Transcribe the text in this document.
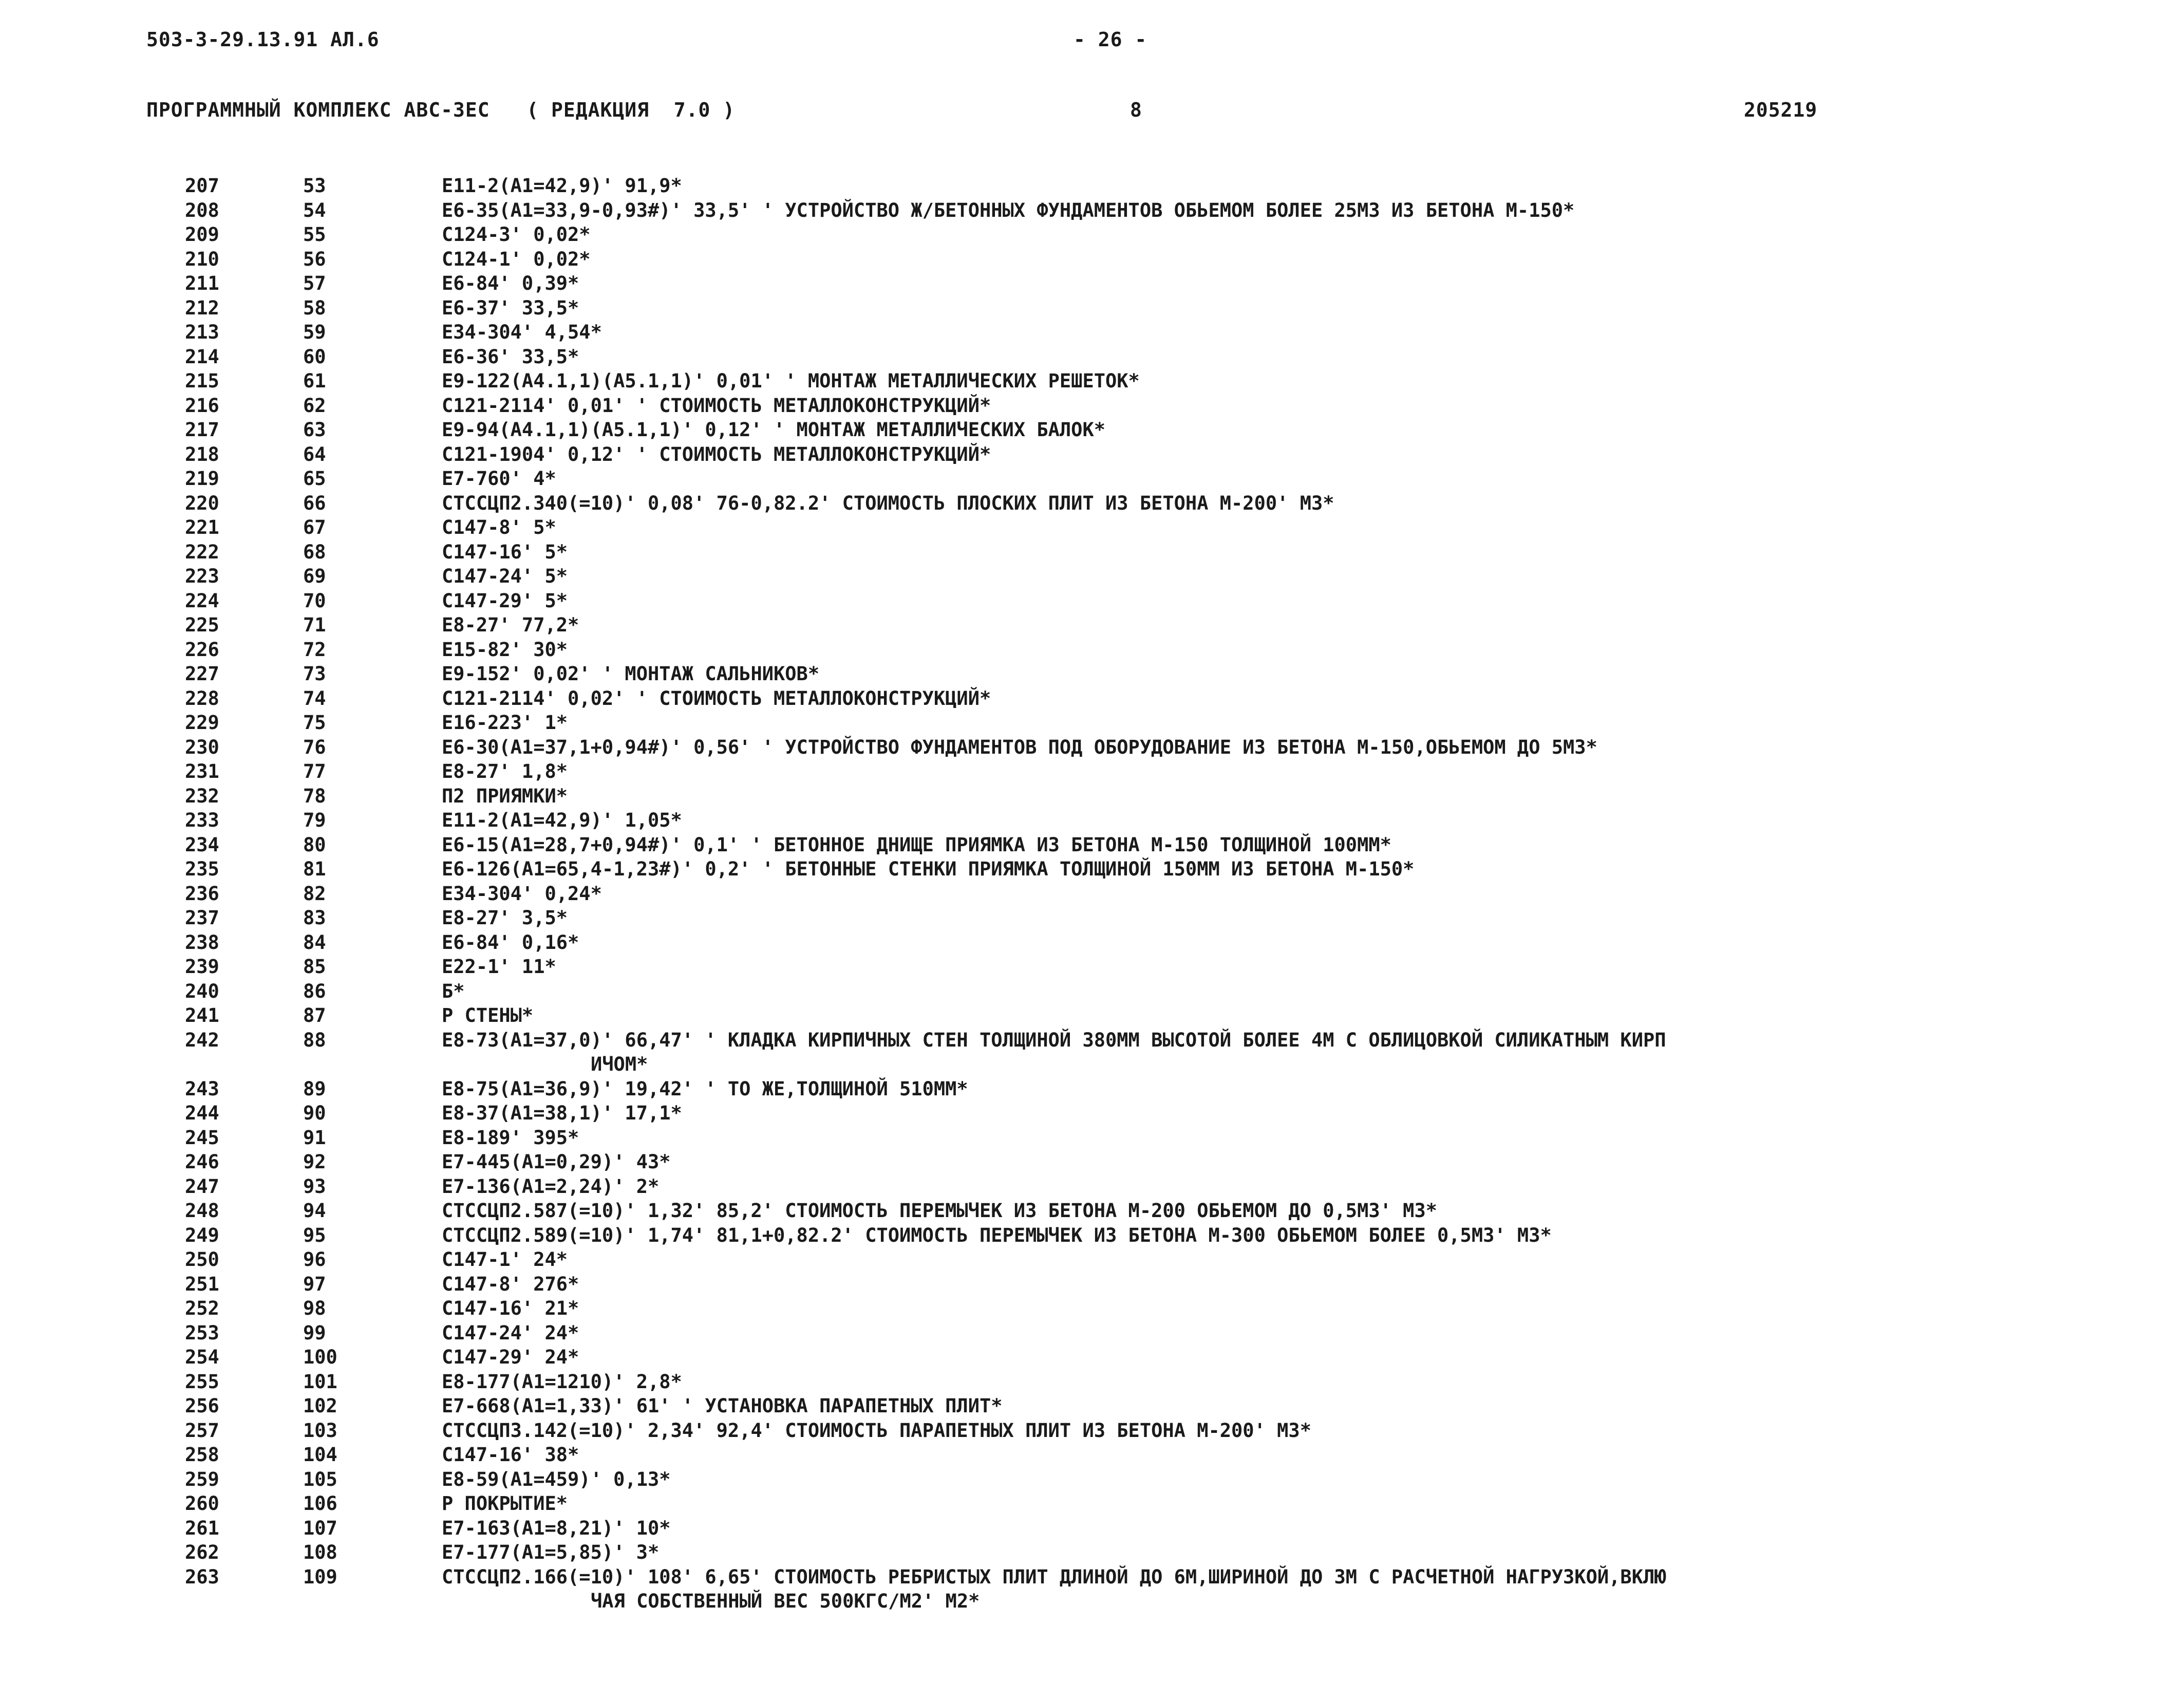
503-3-29.13.91 АЛ.6	- 26 -
ПРОГРАММНЫЙ КОМПЛЕКС АВС-3ЕС   ( РЕДАКЦИЯ  7.0 )	8	205219
207	53	Е11-2(А1=42,9)' 91,9*
208	54	Е6-35(А1=33,9-0,93#)' 33,5' ' УСТРОЙСТВО Ж/БЕТОННЫХ ФУНДАМЕНТОВ ОБЬЕМОМ БОЛЕЕ 25М3 ИЗ БЕТОНА М-150*
209	55	С124-3' 0,02*
210	56	С124-1' 0,02*
211	57	Е6-84' 0,39*
212	58	Е6-37' 33,5*
213	59	Е34-304' 4,54*
214	60	Е6-36' 33,5*
215	61	Е9-122(А4.1,1)(А5.1,1)' 0,01' ' МОНТАЖ МЕТАЛЛИЧЕСКИХ РЕШЕТОК*
216	62	С121-2114' 0,01' ' СТОИМОСТЬ МЕТАЛЛОКОНСТРУКЦИЙ*
217	63	Е9-94(А4.1,1)(А5.1,1)' 0,12' ' МОНТАЖ МЕТАЛЛИЧЕСКИХ БАЛОК*
218	64	С121-1904' 0,12' ' СТОИМОСТЬ МЕТАЛЛОКОНСТРУКЦИЙ*
219	65	Е7-760' 4*
220	66	СТССЦП2.340(=10)' 0,08' 76-0,82.2' СТОИМОСТЬ ПЛОСКИХ ПЛИТ ИЗ БЕТОНА М-200' М3*
221	67	С147-8' 5*
222	68	С147-16' 5*
223	69	С147-24' 5*
224	70	С147-29' 5*
225	71	Е8-27' 77,2*
226	72	Е15-82' 30*
227	73	Е9-152' 0,02' ' МОНТАЖ САЛЬНИКОВ*
228	74	С121-2114' 0,02' ' СТОИМОСТЬ МЕТАЛЛОКОНСТРУКЦИЙ*
229	75	Е16-223' 1*
230	76	Е6-30(А1=37,1+0,94#)' 0,56' ' УСТРОЙСТВО ФУНДАМЕНТОВ ПОД ОБОРУДОВАНИЕ ИЗ БЕТОНА М-150,ОБЬЕМОМ ДО 5М3*
231	77	Е8-27' 1,8*
232	78	П2 ПРИЯМКИ*
233	79	Е11-2(А1=42,9)' 1,05*
234	80	Е6-15(А1=28,7+0,94#)' 0,1' ' БЕТОННОЕ ДНИЩЕ ПРИЯМКА ИЗ БЕТОНА М-150 ТОЛЩИНОЙ 100ММ*
235	81	Е6-126(А1=65,4-1,23#)' 0,2' ' БЕТОННЫЕ СТЕНКИ ПРИЯМКА ТОЛЩИНОЙ 150ММ ИЗ БЕТОНА М-150*
236	82	Е34-304' 0,24*
237	83	Е8-27' 3,5*
238	84	Е6-84' 0,16*
239	85	Е22-1' 11*
240	86	Б*
241	87	Р СТЕНЫ*
242	88	Е8-73(А1=37,0)' 66,47' ' КЛАДКА КИРПИЧНЫХ СТЕН ТОЛЩИНОЙ 380ММ ВЫСОТОЙ БОЛЕЕ 4М С ОБЛИЦОВКОЙ СИЛИКАТНЫМ КИРП
ИЧОМ*
243	89	Е8-75(А1=36,9)' 19,42' ' ТО ЖЕ,ТОЛЩИНОЙ 510ММ*
244	90	Е8-37(А1=38,1)' 17,1*
245	91	Е8-189' 395*
246	92	Е7-445(А1=0,29)' 43*
247	93	Е7-136(А1=2,24)' 2*
248	94	СТССЦП2.587(=10)' 1,32' 85,2' СТОИМОСТЬ ПЕРЕМЫЧЕК ИЗ БЕТОНА М-200 ОБЬЕМОМ ДО 0,5М3' М3*
249	95	СТССЦП2.589(=10)' 1,74' 81,1+0,82.2' СТОИМОСТЬ ПЕРЕМЫЧЕК ИЗ БЕТОНА М-300 ОБЬЕМОМ БОЛЕЕ 0,5М3' М3*
250	96	С147-1' 24*
251	97	С147-8' 276*
252	98	С147-16' 21*
253	99	С147-24' 24*
254	100	С147-29' 24*
255	101	Е8-177(А1=1210)' 2,8*
256	102	Е7-668(А1=1,33)' 61' ' УСТАНОВКА ПАРАПЕТНЫХ ПЛИТ*
257	103	СТССЦП3.142(=10)' 2,34' 92,4' СТОИМОСТЬ ПАРАПЕТНЫХ ПЛИТ ИЗ БЕТОНА М-200' М3*
258	104	С147-16' 38*
259	105	Е8-59(А1=459)' 0,13*
260	106	Р ПОКРЫТИЕ*
261	107	Е7-163(А1=8,21)' 10*
262	108	Е7-177(А1=5,85)' 3*
263	109	СТССЦП2.166(=10)' 108' 6,65' СТОИМОСТЬ РЕБРИСТЫХ ПЛИТ ДЛИНОЙ ДО 6М,ШИРИНОЙ ДО 3М С РАСЧЕТНОЙ НАГРУЗКОЙ,ВКЛЮ
ЧАЯ СОБСТВЕННЫЙ ВЕС 500КГС/М2' М2*
